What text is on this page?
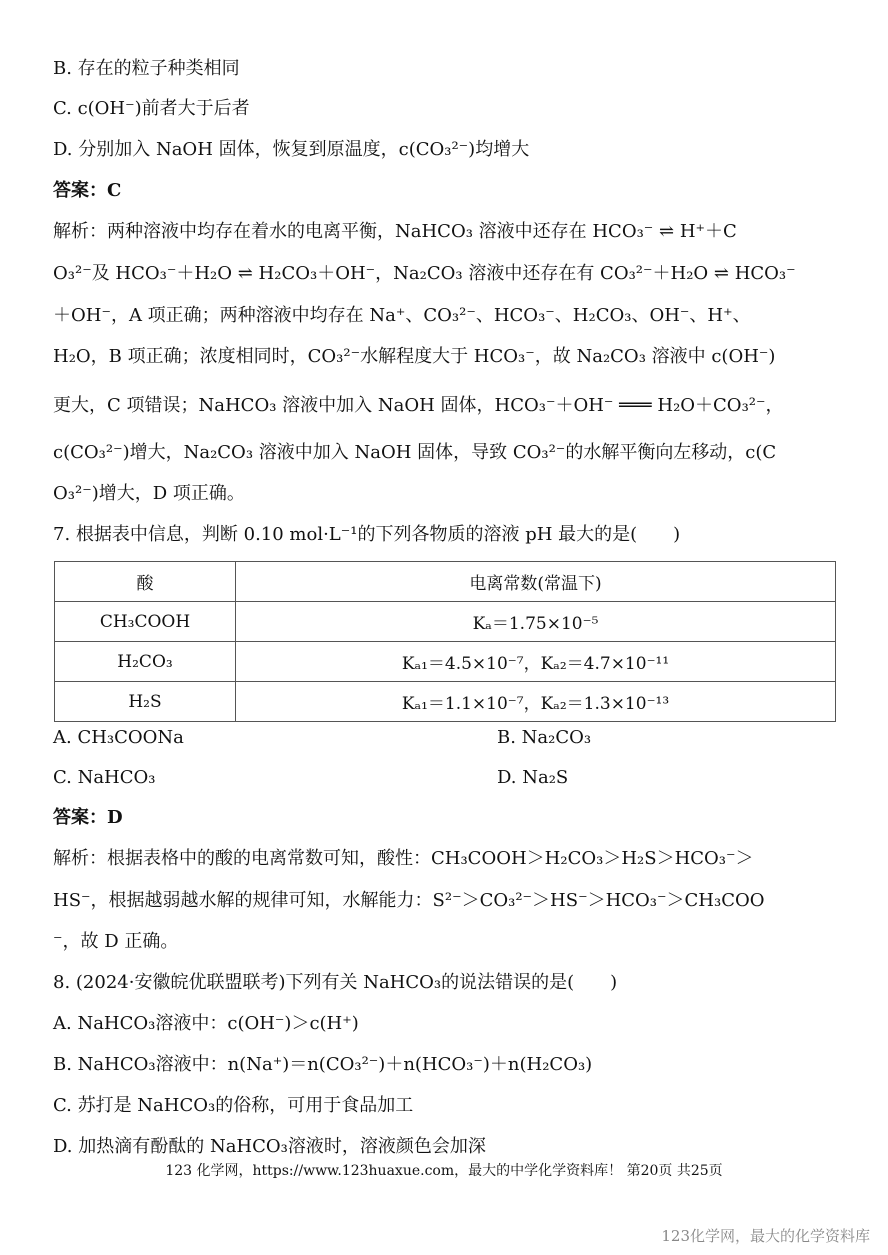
B. 存在的粒子种类相同
C. c(OH⁻)前者大于后者
D. 分别加入 NaOH 固体，恢复到原温度，c(CO₃²⁻)均增大
答案：C
解析：两种溶液中均存在着水的电离平衡，NaHCO₃ 溶液中还存在 HCO₃⁻ ⇌ H⁺＋C
O₃²⁻及 HCO₃⁻＋H₂O ⇌ H₂CO₃＋OH⁻，Na₂CO₃ 溶液中还存在有 CO₃²⁻＋H₂O ⇌ HCO₃⁻
＋OH⁻，A 项正确；两种溶液中均存在 Na⁺、CO₃²⁻、HCO₃⁻、H₂CO₃、OH⁻、H⁺、
H₂O，B 项正确；浓度相同时，CO₃²⁻水解程度大于 HCO₃⁻，故 Na₂CO₃ 溶液中 c(OH⁻)
更大，C 项错误；NaHCO₃ 溶液中加入 NaOH 固体，HCO₃⁻＋OH⁻ ═══ H₂O＋CO₃²⁻，
c(CO₃²⁻)增大，Na₂CO₃ 溶液中加入 NaOH 固体，导致 CO₃²⁻的水解平衡向左移动，c(C
O₃²⁻)增大，D 项正确。
7. 根据表中信息，判断 0.10 mol·L⁻¹的下列各物质的溶液 pH 最大的是(　　)
酸	电离常数(常温下)
CH₃COOH	Kₐ＝1.75×10⁻⁵
H₂CO₃	Kₐ₁＝4.5×10⁻⁷，Kₐ₂＝4.7×10⁻¹¹
H₂S	Kₐ₁＝1.1×10⁻⁷，Kₐ₂＝1.3×10⁻¹³
A. CH₃COONa	B. Na₂CO₃
C. NaHCO₃	D. Na₂S
答案：D
解析：根据表格中的酸的电离常数可知，酸性：CH₃COOH＞H₂CO₃＞H₂S＞HCO₃⁻＞
HS⁻，根据越弱越水解的规律可知，水解能力：S²⁻＞CO₃²⁻＞HS⁻＞HCO₃⁻＞CH₃COO
⁻，故 D 正确。
8. (2024·安徽皖优联盟联考)下列有关 NaHCO₃的说法错误的是(　　)
A. NaHCO₃溶液中：c(OH⁻)＞c(H⁺)
B. NaHCO₃溶液中：n(Na⁺)＝n(CO₃²⁻)＋n(HCO₃⁻)＋n(H₂CO₃)
C. 苏打是 NaHCO₃的俗称，可用于食品加工
D. 加热滴有酚酞的 NaHCO₃溶液时，溶液颜色会加深
123 化学网，https://www.123huaxue.com，最大的中学化学资料库！ 第20页 共25页
123化学网，最大的化学资料库
